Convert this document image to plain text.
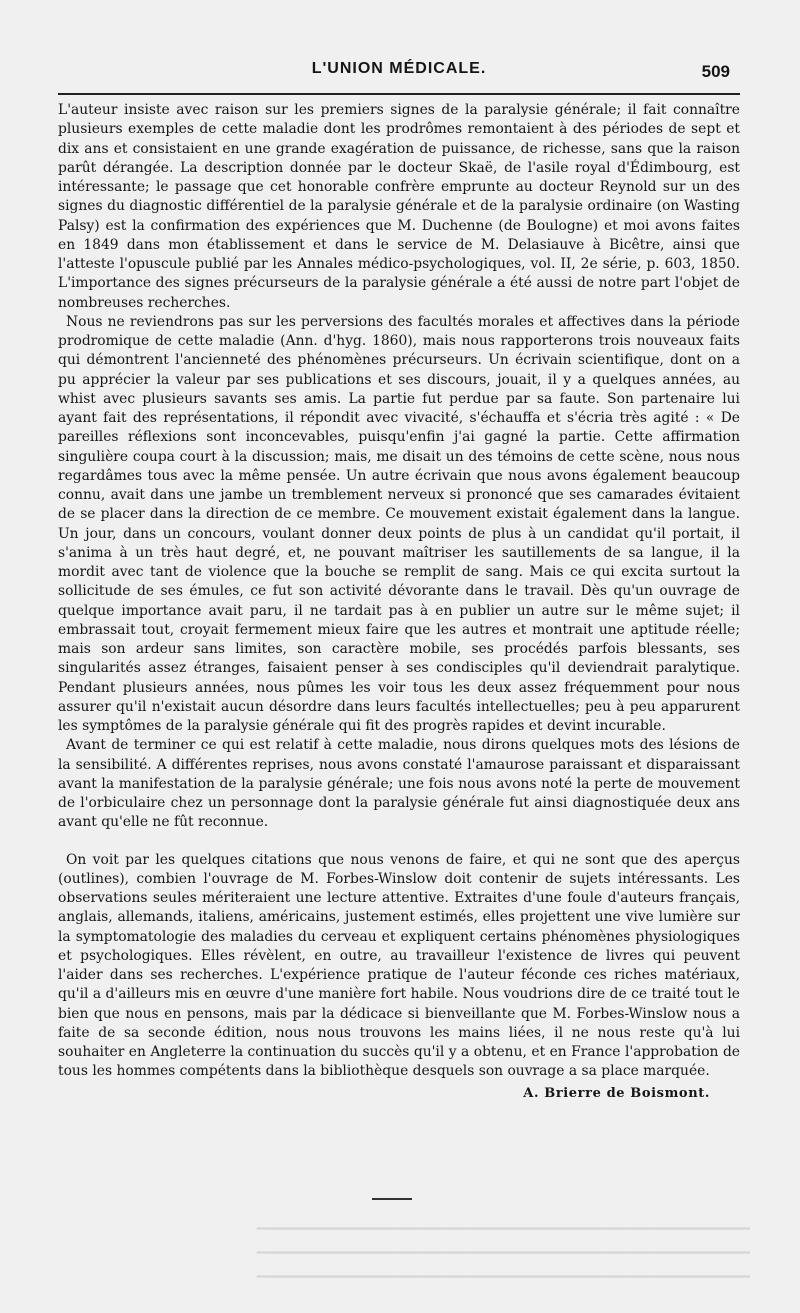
L'UNION MÉDICALE.	509

L'auteur insiste avec raison sur les premiers signes de la paralysie générale; il fait connaître plusieurs exemples de cette maladie dont les prodrômes remontaient à des périodes de sept et dix ans et consistaient en une grande exagération de puissance, de richesse, sans que la raison parût dérangée. La description donnée par le docteur Skaë, de l'asile royal d'Édimbourg, est intéressante; le passage que cet honorable confrère emprunte au docteur Reynold sur un des signes du diagnostic différentiel de la paralysie générale et de la paralysie ordinaire (on Wasting Palsy) est la confirmation des expériences que M. Duchenne (de Boulogne) et moi avons faites en 1849 dans mon établissement et dans le service de M. Delasiauve à Bicêtre, ainsi que l'atteste l'opuscule publié par les Annales médico-psychologiques, vol. II, 2e série, p. 603, 1850. L'importance des signes précurseurs de la paralysie générale a été aussi de notre part l'objet de nombreuses recherches.

Nous ne reviendrons pas sur les perversions des facultés morales et affectives dans la période prodromique de cette maladie (Ann. d'hyg. 1860), mais nous rapporterons trois nouveaux faits qui démontrent l'ancienneté des phénomènes précurseurs. Un écrivain scientifique, dont on a pu apprécier la valeur par ses publications et ses discours, jouait, il y a quelques années, au whist avec plusieurs savants ses amis. La partie fut perdue par sa faute. Son partenaire lui ayant fait des représentations, il répondit avec vivacité, s'échauffa et s'écria très agité : « De pareilles réflexions sont inconcevables, puisqu'enfin j'ai gagné la partie. Cette affirmation singulière coupa court à la discussion; mais, me disait un des témoins de cette scène, nous nous regardâmes tous avec la même pensée. Un autre écrivain que nous avons également beaucoup connu, avait dans une jambe un tremblement nerveux si prononcé que ses camarades évitaient de se placer dans la direction de ce membre. Ce mouvement existait également dans la langue. Un jour, dans un concours, voulant donner deux points de plus à un candidat qu'il portait, il s'anima à un très haut degré, et, ne pouvant maîtriser les sautillements de sa langue, il la mordit avec tant de violence que la bouche se remplit de sang. Mais ce qui excita surtout la sollicitude de ses émules, ce fut son activité dévorante dans le travail. Dès qu'un ouvrage de quelque importance avait paru, il ne tardait pas à en publier un autre sur le même sujet; il embrassait tout, croyait fermement mieux faire que les autres et montrait une aptitude réelle; mais son ardeur sans limites, son caractère mobile, ses procédés parfois blessants, ses singularités assez étranges, faisaient penser à ses condisciples qu'il deviendrait paralytique. Pendant plusieurs années, nous pûmes les voir tous les deux assez fréquemment pour nous assurer qu'il n'existait aucun désordre dans leurs facultés intellectuelles; peu à peu apparurent les symptômes de la paralysie générale qui fit des progrès rapides et devint incurable.

Avant de terminer ce qui est relatif à cette maladie, nous dirons quelques mots des lésions de la sensibilité. A différentes reprises, nous avons constaté l'amaurose paraissant et disparaissant avant la manifestation de la paralysie générale; une fois nous avons noté la perte de mouvement de l'orbiculaire chez un personnage dont la paralysie générale fut ainsi diagnostiquée deux ans avant qu'elle ne fût reconnue.

On voit par les quelques citations que nous venons de faire, et qui ne sont que des aperçus (outlines), combien l'ouvrage de M. Forbes-Winslow doit contenir de sujets intéressants. Les observations seules mériteraient une lecture attentive. Extraites d'une foule d'auteurs français, anglais, allemands, italiens, américains, justement estimés, elles projettent une vive lumière sur la symptomatologie des maladies du cerveau et expliquent certains phénomènes physiologiques et psychologiques. Elles révèlent, en outre, au travailleur l'existence de livres qui peuvent l'aider dans ses recherches. L'expérience pratique de l'auteur féconde ces riches matériaux, qu'il a d'ailleurs mis en œuvre d'une manière fort habile. Nous voudrions dire de ce traité tout le bien que nous en pensons, mais par la dédicace si bienveillante que M. Forbes-Winslow nous a faite de sa seconde édition, nous nous trouvons les mains liées, il ne nous reste qu'à lui souhaiter en Angleterre la continuation du succès qu'il y a obtenu, et en France l'approbation de tous les hommes compétents dans la bibliothèque desquels son ouvrage a sa place marquée.

A. Brierre de Boismont.
━━━━━━━━━━━━━━━━━━━━━━━━━━━━━━━━━━━━━━━━━━━━━━━━━━━━━━━━━━━━━━━
━━━━━━━━━━━━━━━━━━━━━━━━━━━━━━━━━━━━━━━━━━━━━━━━━━━━━━━━━━━━━━━
━━━━━━━━━━━━━━━━━━━━━━━━━━━━━━━━━━━━━━━━━━━━━━━━━━━━━━━━━━━━━━━
